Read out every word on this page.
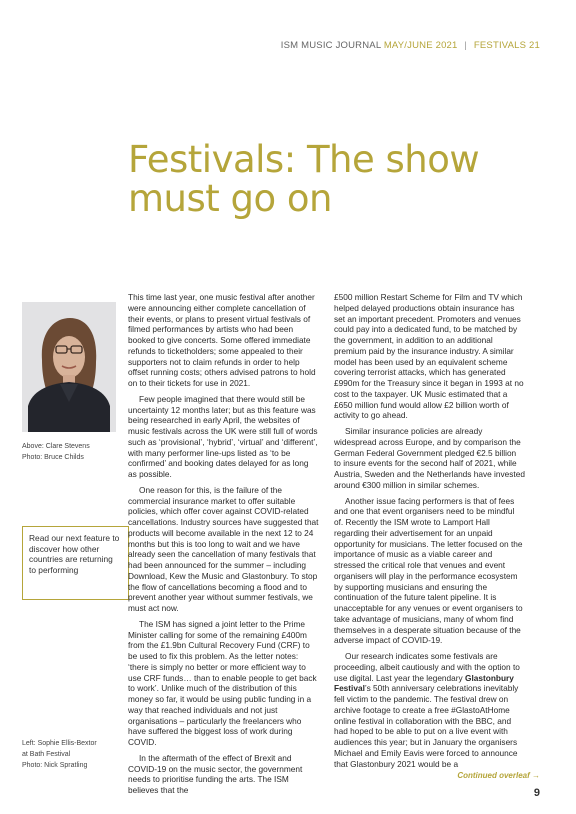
ISM MUSIC JOURNAL MAY/JUNE 2021 | FESTIVALS 21
Festivals: The show must go on
Above: Clare Stevens
Photo: Bruce Childs
Read our next feature to discover how other countries are returning to performing
Left: Sophie Ellis-Bextor
at Bath Festival
Photo: Nick Spratling

This time last year, one music festival after another were announcing either complete cancellation of their events, or plans to present virtual festivals of filmed performances by artists who had been booked to give concerts. Some offered immediate refunds to ticketholders; some appealed to their supporters not to claim refunds in order to help offset running costs; others advised patrons to hold on to their tickets for use in 2021.

Few people imagined that there would still be uncertainty 12 months later; but as this feature was being researched in early April, the websites of music festivals across the UK were still full of words such as ‘provisional’, ‘hybrid’, ‘virtual’ and ‘different’, with many performer line-ups listed as ‘to be confirmed’ and booking dates delayed for as long as possible.

One reason for this, is the failure of the commercial insurance market to offer suitable policies, which offer cover against COVID-related cancellations. Industry sources have suggested that products will become available in the next 12 to 24 months but this is too long to wait and we have already seen the cancellation of many festivals that had been announced for the summer – including Download, Kew the Music and Glastonbury. To stop the flow of cancellations becoming a flood and to prevent another year without summer festivals, we must act now.

The ISM has signed a joint letter to the Prime Minister calling for some of the remaining £400m from the £1.9bn Cultural Recovery Fund (CRF) to be used to fix this problem. As the letter notes: ‘there is simply no better or more efficient way to use CRF funds… than to enable people to get back to work’. Unlike much of the distribution of this money so far, it would be using public funding in a way that reached individuals and not just organisations – particularly the freelancers who have suffered the biggest loss of work during COVID.

In the aftermath of the effect of Brexit and COVID-19 on the music sector, the government needs to prioritise funding the arts. The ISM believes that the

£500 million Restart Scheme for Film and TV which helped delayed productions obtain insurance has set an important precedent. Promoters and venues could pay into a dedicated fund, to be matched by the government, in addition to an additional premium paid by the insurance industry. A similar model has been used by an equivalent scheme covering terrorist attacks, which has generated £990m for the Treasury since it began in 1993 at no cost to the taxpayer. UK Music estimated that a £650 million fund would allow £2 billion worth of activity to go ahead.

Similar insurance policies are already widespread across Europe, and by comparison the German Federal Government pledged €2.5 billion to insure events for the second half of 2021, while Austria, Sweden and the Netherlands have invested around €300 million in similar schemes.

Another issue facing performers is that of fees and one that event organisers need to be mindful of. Recently the ISM wrote to Lamport Hall regarding their advertisement for an unpaid opportunity for musicians. The letter focused on the importance of music as a viable career and stressed the critical role that venues and event organisers will play in the performance ecosystem by supporting musicians and ensuring the continuation of the future talent pipeline. It is unacceptable for any venues or event organisers to take advantage of musicians, many of whom find themselves in a desperate situation because of the adverse impact of COVID-19.

Our research indicates some festivals are proceeding, albeit cautiously and with the option to use digital. Last year the legendary Glastonbury Festival’s 50th anniversary celebrations inevitably fell victim to the pandemic. The festival drew on archive footage to create a free #GlastoAtHome online festival in collaboration with the BBC, and had hoped to be able to put on a live event with audiences this year; but in January the organisers Michael and Emily Eavis were forced to announce that Glastonbury 2021 would be a

Continued overleaf →
9
